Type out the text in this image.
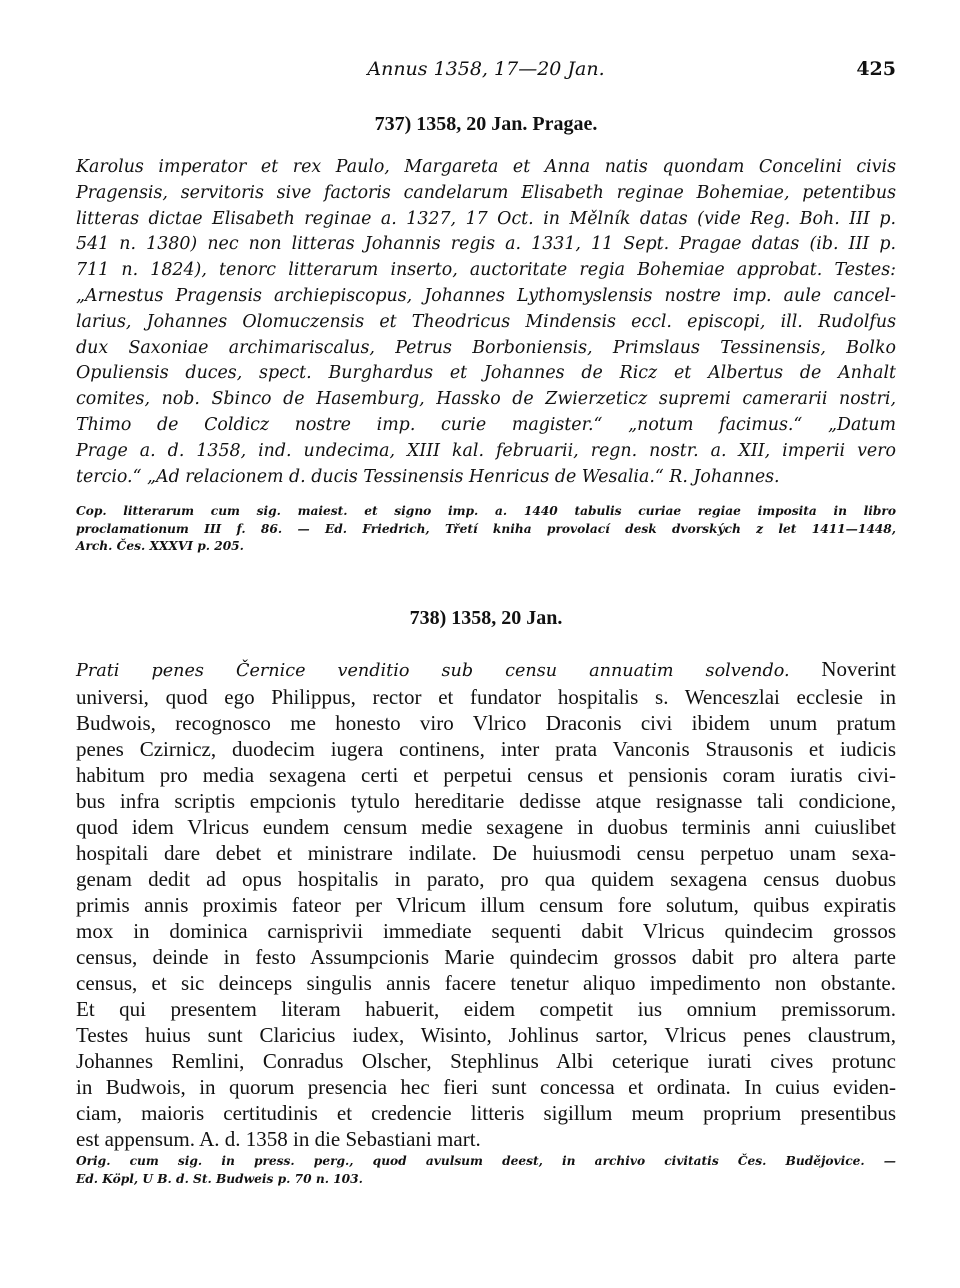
Annus 1358, 17—20 Jan.	425
737) 1358, 20 Jan. Pragae.
Karolus imperator et rex Paulo, Margareta et Anna natis quondam Concelini civis
Pragensis, servitoris sive factoris candelarum Elisabeth reginae Bohemiae, petentibus
litteras dictae Elisabeth reginae a. 1327, 17 Oct. in Mělník datas (vide Reg. Boh. III p.
541 n. 1380) nec non litteras Johannis regis a. 1331, 11 Sept. Pragae datas (ib. III p.
711 n. 1824), tenorc litterarum inserto, auctoritate regia Bohemiae approbat. Testes:
„Arnestus Pragensis archiepiscopus, Johannes Lythomyslensis nostre imp. aule cancel-
larius, Johannes Olomuczensis et Theodricus Mindensis eccl. episcopi, ill. Rudolfus
dux Saxoniae archimariscalus, Petrus Borboniensis, Primslaus Tessinensis, Bolko
Opuliensis duces, spect. Burghardus et Johannes de Ricz et Albertus de Anhalt
comites, nob. Sbinco de Hasemburg, Hassko de Zwierzeticz supremi camerarii nostri,
Thimo de Coldicz nostre imp. curie magister.“ „notum facimus.“ „Datum
Prage a. d. 1358, ind. undecima, XIII kal. februarii, regn. nostr. a. XII, imperii vero
tercio.“ „Ad relacionem d. ducis Tessinensis Henricus de Wesalia.“ R. Johannes.
Cop. litterarum cum sig. maiest. et signo imp. a. 1440 tabulis curiae regiae imposita in libro
proclamationum III f. 86. — Ed. Friedrich, Třetí kniha provolací desk dvorských z let 1411—1448,
Arch. Čes. XXXVI p. 205.
738) 1358, 20 Jan.
Prati penes Černice venditio sub censu annuatim solvendo. Noverint
universi, quod ego Philippus, rector et fundator hospitalis s. Wenceszlai ecclesie in
Budwois, recognosco me honesto viro Vlrico Draconis civi ibidem unum pratum
penes Czirnicz, duodecim iugera continens, inter prata Vanconis Strausonis et iudicis
habitum pro media sexagena certi et perpetui census et pensionis coram iuratis civi-
bus infra scriptis empcionis tytulo hereditarie dedisse atque resignasse tali condicione,
quod idem Vlricus eundem censum medie sexagene in duobus terminis anni cuiuslibet
hospitali dare debet et ministrare indilate. De huiusmodi censu perpetuo unam sexa-
genam dedit ad opus hospitalis in parato, pro qua quidem sexagena census duobus
primis annis proximis fateor per Vlricum illum censum fore solutum, quibus expiratis
mox in dominica carnisprivii immediate sequenti dabit Vlricus quindecim grossos
census, deinde in festo Assumpcionis Marie quindecim grossos dabit pro altera parte
census, et sic deinceps singulis annis facere tenetur aliquo impedimento non obstante.
Et qui presentem literam habuerit, eidem competit ius omnium premissorum.
Testes huius sunt Claricius iudex, Wisinto, Johlinus sartor, Vlricus penes claustrum,
Johannes Remlini, Conradus Olscher, Stephlinus Albi ceterique iurati cives protunc
in Budwois, in quorum presencia hec fieri sunt concessa et ordinata. In cuius eviden-
ciam, maioris certitudinis et credencie litteris sigillum meum proprium presentibus
est appensum. A. d. 1358 in die Sebastiani mart.
Orig. cum sig. in press. perg., quod avulsum deest, in archivo civitatis Čes. Budějovice. —
Ed. Köpl, U B. d. St. Budweis p. 70 n. 103.
